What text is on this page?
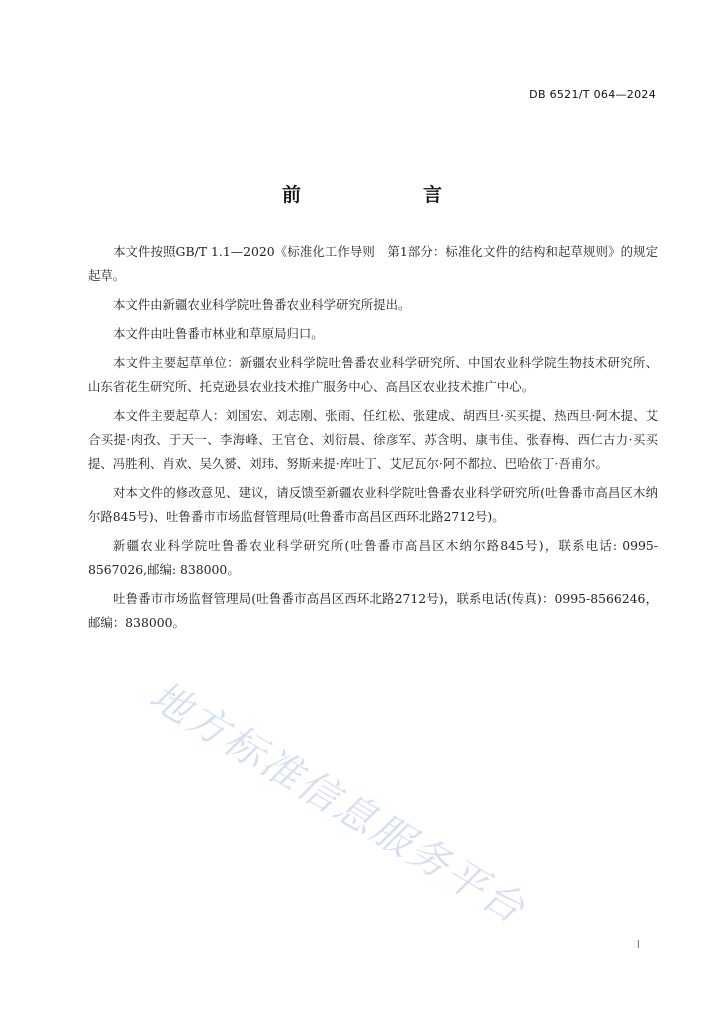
DB 6521/T 064—2024
前　　言

本文件按照GB/T 1.1—2020《标准化工作导则　第1部分：标准化文件的结构和起草规则》的规定起草。

本文件由新疆农业科学院吐鲁番农业科学研究所提出。

本文件由吐鲁番市林业和草原局归口。

本文件主要起草单位：新疆农业科学院吐鲁番农业科学研究所、中国农业科学院生物技术研究所、山东省花生研究所、托克逊县农业技术推广服务中心、高昌区农业技术推广中心。

本文件主要起草人：刘国宏、刘志刚、张雨、任红松、张建成、胡西旦·买买提、热西旦·阿木提、艾合买提·肉孜、于天一、李海峰、王官仓、刘衍晨、徐彦军、苏含明、康韦佳、张春梅、西仁古力·买买提、冯胜利、肖欢、吴久赟、刘玮、努斯来提·库吐丁、艾尼瓦尔·阿不都拉、巴哈依丁·吾甫尔。

对本文件的修改意见、建议，请反馈至新疆农业科学院吐鲁番农业科学研究所(吐鲁番市高昌区木纳尔路845号)、吐鲁番市市场监督管理局(吐鲁番市高昌区西环北路2712号)。

新疆农业科学院吐鲁番农业科学研究所(吐鲁番市高昌区木纳尔路845号)，联系电话: 0995-8567026,邮编: 838000。

吐鲁番市市场监督管理局(吐鲁番市高昌区西环北路2712号)，联系电话(传真)：0995-8566246，邮编：838000。

地方标准信息服务平台
I
